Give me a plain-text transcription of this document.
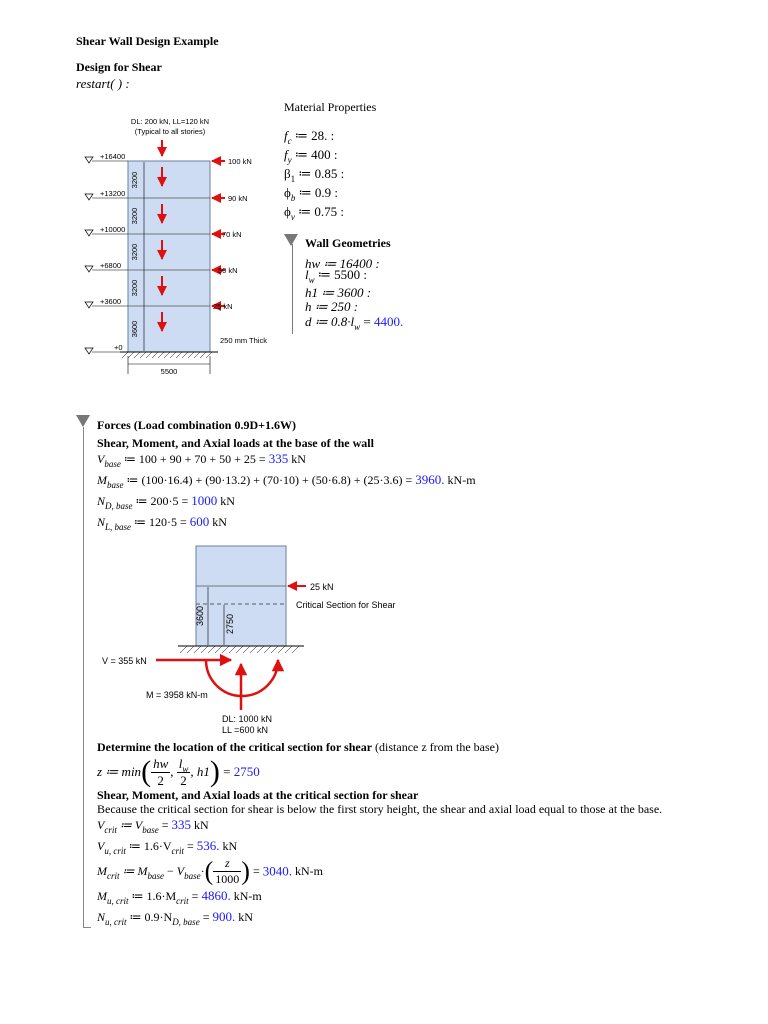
Shear Wall Design Example
Design for Shear
restart( ) :
DL: 200 kN, LL=120 kN
(Typical to all stories)
+16400
+13200
+10000
+6800
+3600
+0
3200
3200
3200
3200
3600
100 kN
90 kN
70 kN
50 kN
25 kN
250 mm Thick
5500
Material Properties
$f_c$ ≔ 28. :
$f_y$ ≔ 400 :
$\beta_1$ ≔ 0.85 :
$\phi_b$ ≔ 0.9 :
$\phi_v$ ≔ 0.75 :
Wall Geometries
hw ≔ 16400 :
$l_w$ ≔ 5500 :
h1 ≔ 3600 :
h ≔ 250 :
d ≔ $0.8\cdot l_w = 4400$.
Forces (Load combination 0.9D+1.6W)
Shear, Moment, and Axial loads at the base of the wall
$V_{base}$ ≔ 100 + 90 + 70 + 50 + 25 = 335 kN
$M_{base}$ ≔ (100·16.4) + (90·13.2) + (70·10) + (50·6.8) + (25·3.6) = 3960. kN-m
$N_{D, base}$ ≔ 200·5 = 1000 kN
$N_{L, base}$ ≔ 120·5 = 600 kN
3600 2750
25 kN
Critical Section for Shear
V = 355 kN
M = 3958 kN-m
DL: 1000 kN
LL =600 kN
Determine the location of the critical section for shear (distance z from the base)
z ≔ $\min( \frac{hw}{2}$ , $\frac{l_w}{2}$ , h1) = 2750
Shear, Moment, and Axial loads at the critical section for shear
Because the critical section for shear is below the first story height, the shear and axial load equal to those at the base.
$V_{crit}$ ≔ $V_{base} = 335$ kN
$V_{u, crit}$ ≔ $1.6\cdot V_{crit} = 536$. kN
$M_{crit}$ ≔ $M_{base} - V_{base}\cdot( \frac{z}{1000}$ ) = 3040. kN-m
$M_{u, crit}$ ≔ $1.6\cdot M_{crit} = 4860$. kN-m
$N_{u, crit}$ ≔ $0.9\cdot N_{D, base} = 900$. kN
